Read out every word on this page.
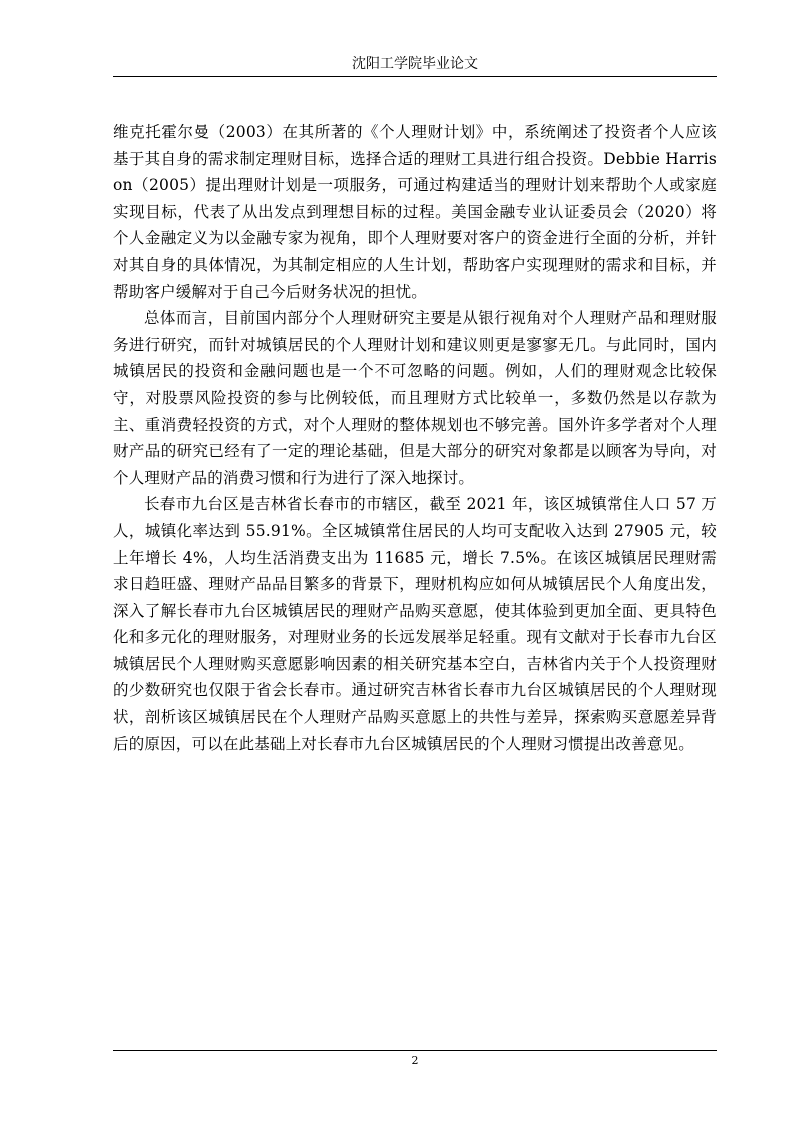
沈阳工学院毕业论文

维克托霍尔曼（2003）在其所著的《个人理财计划》中，系统阐述了投资者个人应该基于其自身的需求制定理财目标，选择合适的理财工具进行组合投资。Debbie Harrison（2005）提出理财计划是一项服务，可通过构建适当的理财计划来帮助个人或家庭实现目标，代表了从出发点到理想目标的过程。美国金融专业认证委员会（2020）将个人金融定义为以金融专家为视角，即个人理财要对客户的资金进行全面的分析，并针对其自身的具体情况，为其制定相应的人生计划，帮助客户实现理财的需求和目标，并帮助客户缓解对于自己今后财务状况的担忧。

总体而言，目前国内部分个人理财研究主要是从银行视角对个人理财产品和理财服务进行研究，而针对城镇居民的个人理财计划和建议则更是寥寥无几。与此同时，国内城镇居民的投资和金融问题也是一个不可忽略的问题。例如，人们的理财观念比较保守，对股票风险投资的参与比例较低，而且理财方式比较单一，多数仍然是以存款为主、重消费轻投资的方式，对个人理财的整体规划也不够完善。国外许多学者对个人理财产品的研究已经有了一定的理论基础，但是大部分的研究对象都是以顾客为导向，对个人理财产品的消费习惯和行为进行了深入地探讨。

长春市九台区是吉林省长春市的市辖区，截至 2021 年，该区城镇常住人口 57 万人，城镇化率达到 55.91%。全区城镇常住居民的人均可支配收入达到 27905 元，较上年增长 4%，人均生活消费支出为 11685 元，增长 7.5%。在该区城镇居民理财需求日趋旺盛、理财产品品目繁多的背景下，理财机构应如何从城镇居民个人角度出发，深入了解长春市九台区城镇居民的理财产品购买意愿，使其体验到更加全面、更具特色化和多元化的理财服务，对理财业务的长远发展举足轻重。现有文献对于长春市九台区城镇居民个人理财购买意愿影响因素的相关研究基本空白，吉林省内关于个人投资理财的少数研究也仅限于省会长春市。通过研究吉林省长春市九台区城镇居民的个人理财现状，剖析该区城镇居民在个人理财产品购买意愿上的共性与差异，探索购买意愿差异背后的原因，可以在此基础上对长春市九台区城镇居民的个人理财习惯提出改善意见。

2
